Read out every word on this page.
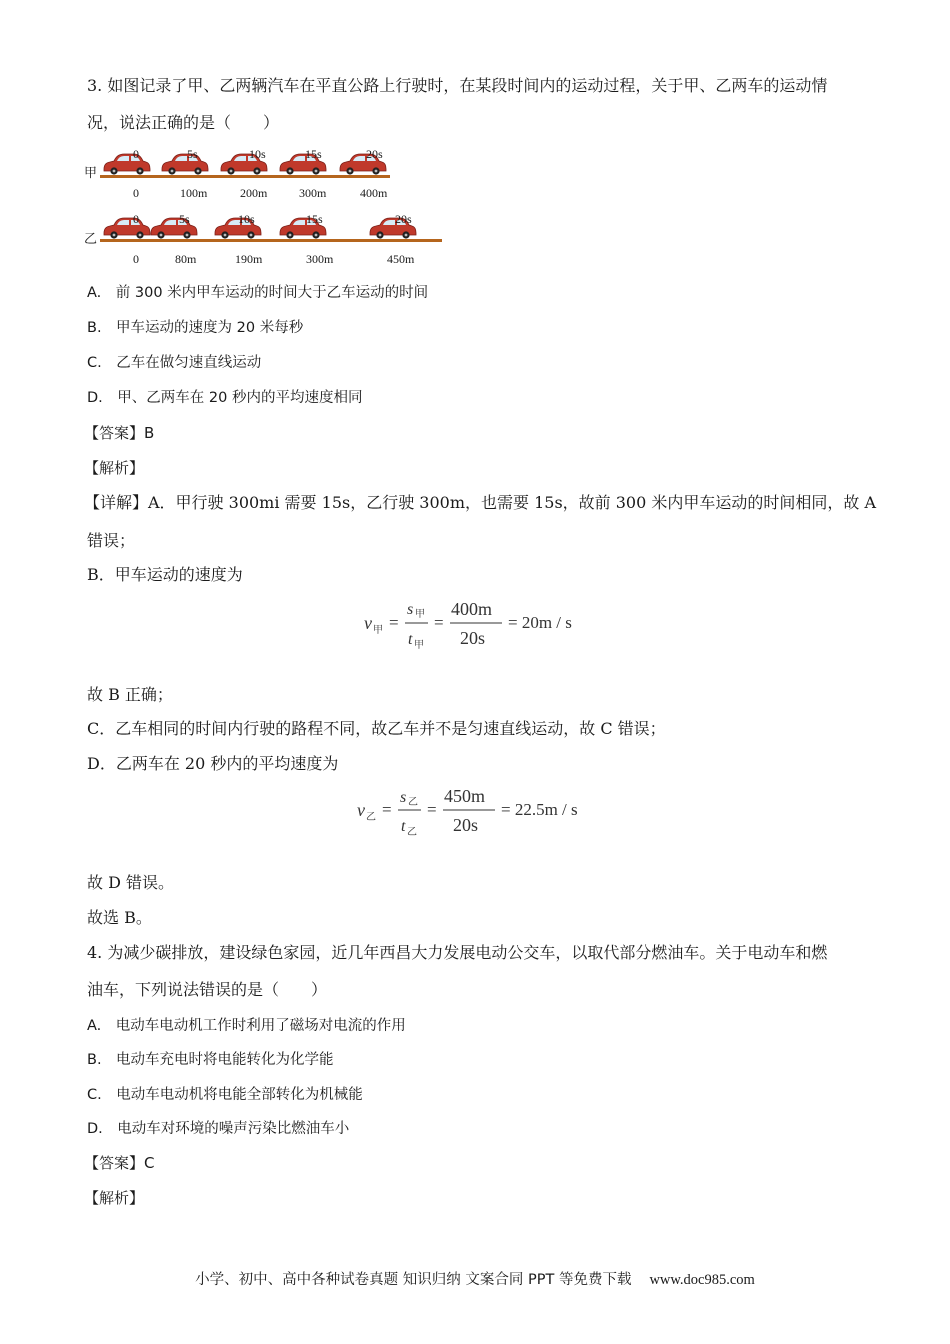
3. 如图记录了甲、乙两辆汽车在平直公路上行驶时，在某段时间内的运动过程，关于甲、乙两车的运动情
况，说法正确的是（　　）
甲
0	5s	10s	15s	20s
0	100m	200m	300m	400m
乙
0	5s	10s	15s	20s
0	80m	190m	300m	450m
A.　前 300 米内甲车运动的时间大于乙车运动的时间
B.　甲车运动的速度为 20 米每秒
C.　乙车在做匀速直线运动
D.　甲、乙两车在 20 秒内的平均速度相同
【答案】B
【解析】
【详解】A．甲行驶 300mi 需要 15s，乙行驶 300m，也需要 15s，故前 300 米内甲车运动的时间相同，故 A
错误；
B．甲车运动的速度为
v 甲 =
s 甲
t 甲
=
400m
20s
= 20m / s
故 B 正确；
C．乙车相同的时间内行驶的路程不同，故乙车并不是匀速直线运动，故 C 错误；
D．乙两车在 20 秒内的平均速度为
v 乙 =
s 乙
t 乙
=
450m
20s
= 22.5m / s
故 D 错误。
故选 B。
4. 为减少碳排放，建设绿色家园，近几年西昌大力发展电动公交车，以取代部分燃油车。关于电动车和燃
油车，下列说法错误的是（　　）
A.　电动车电动机工作时利用了磁场对电流的作用
B.　电动车充电时将电能转化为化学能
C.　电动车电动机将电能全部转化为机械能
D.　电动车对环境的噪声污染比燃油车小
【答案】C
【解析】
小学、初中、高中各种试卷真题 知识归纳 文案合同 PPT 等免费下载 www.doc985.com
